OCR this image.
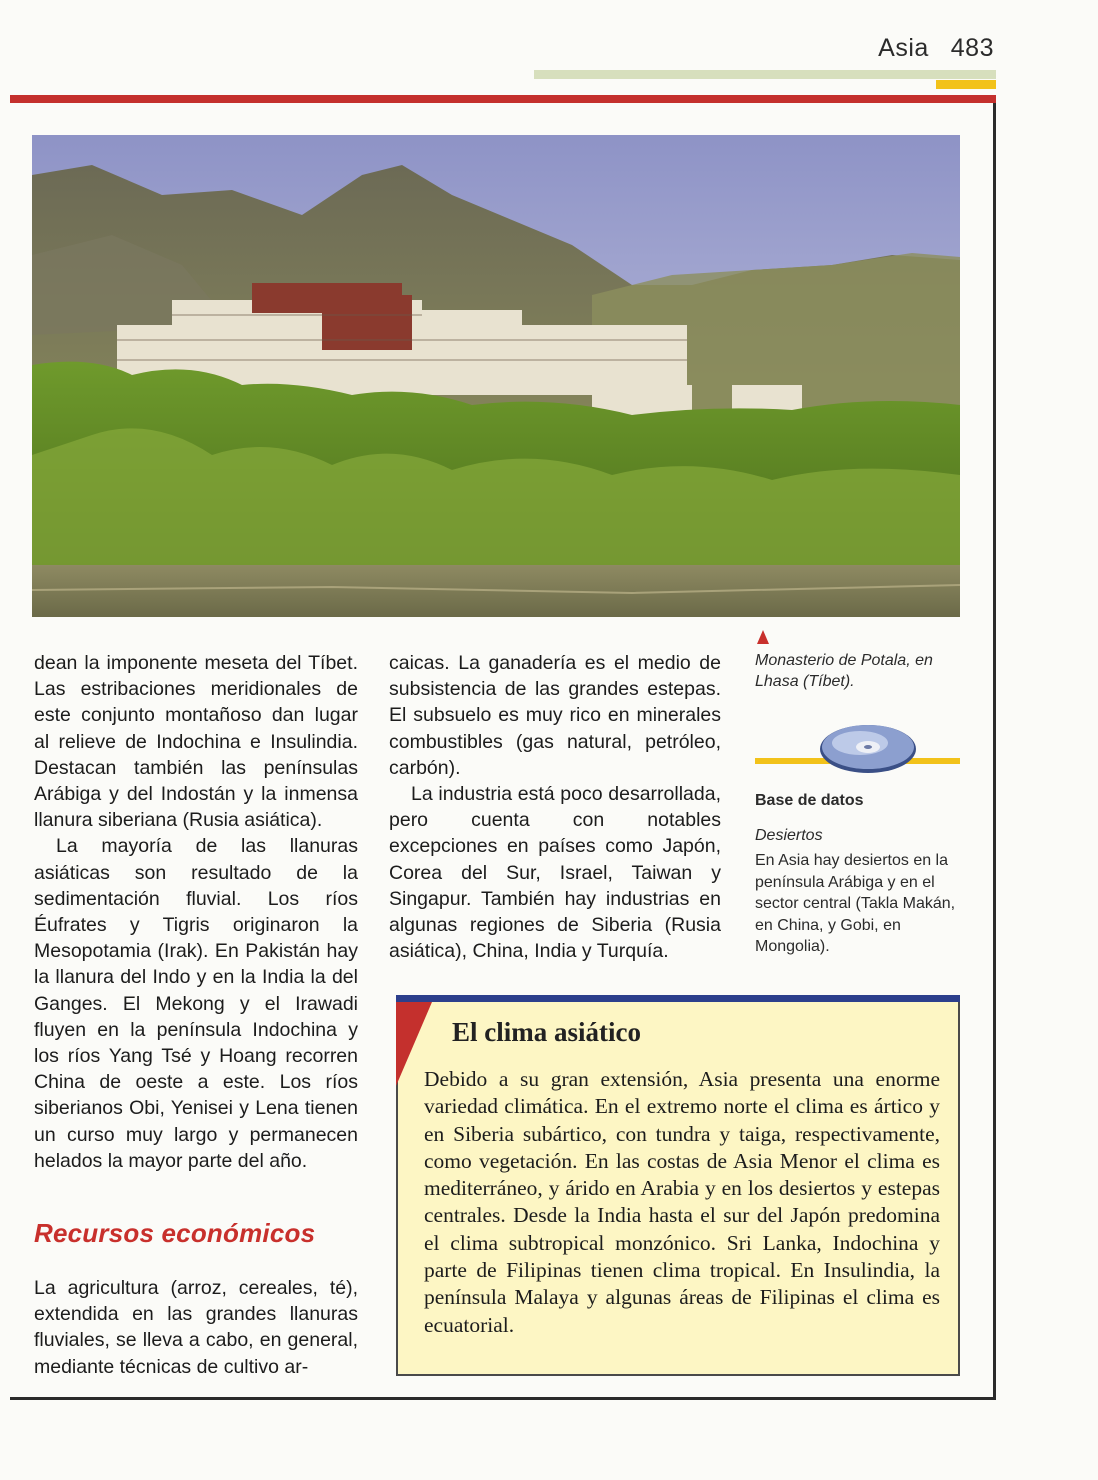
Asia 483

dean la imponente meseta del Tíbet. Las estribaciones meridionales de este conjunto montañoso dan lugar al relieve de Indochina e Insulindia. Destacan también las penínsulas Arábiga y del Indostán y la inmensa llanura siberiana (Rusia asiática).

La mayoría de las llanuras asiáticas son resultado de la sedimentación fluvial. Los ríos Éufrates y Tigris originaron la Mesopotamia (Irak). En Pakistán hay la llanura del Indo y en la India la del Ganges. El Mekong y el Irawadi fluyen en la península Indochina y los ríos Yang Tsé y Hoang recorren China de oeste a este. Los ríos siberianos Obi, Yenisei y Lena tienen un curso muy largo y permanecen helados la mayor parte del año.

Recursos económicos

La agricultura (arroz, cereales, té), extendida en las grandes llanuras fluviales, se lleva a cabo, en general, mediante técnicas de cultivo ar-

caicas. La ganadería es el medio de subsistencia de las grandes estepas. El subsuelo es muy rico en minerales combustibles (gas natural, petróleo, carbón).

La industria está poco desarrollada, pero cuenta con notables excepciones en países como Japón, Corea del Sur, Israel, Taiwan y Singapur. También hay industrias en algunas regiones de Siberia (Rusia asiática), China, India y Turquía.

Monasterio de Potala, en Lhasa (Tíbet).
Base de datos
Desiertos
En Asia hay desiertos en la península Arábiga y en el sector central (Takla Makán, en China, y Gobi, en Mongolia).
El clima asiático
Debido a su gran extensión, Asia presenta una enorme variedad climática. En el extremo norte el clima es ártico y en Siberia subártico, con tundra y taiga, respectivamente, como vegetación. En las costas de Asia Menor el clima es mediterráneo, y árido en Arabia y en los desiertos y estepas centrales. Desde la India hasta el sur del Japón predomina el clima subtropical monzónico. Sri Lanka, Indochina y parte de Filipinas tienen clima tropical. En Insulindia, la península Malaya y algunas áreas de Filipinas el clima es ecuatorial.
